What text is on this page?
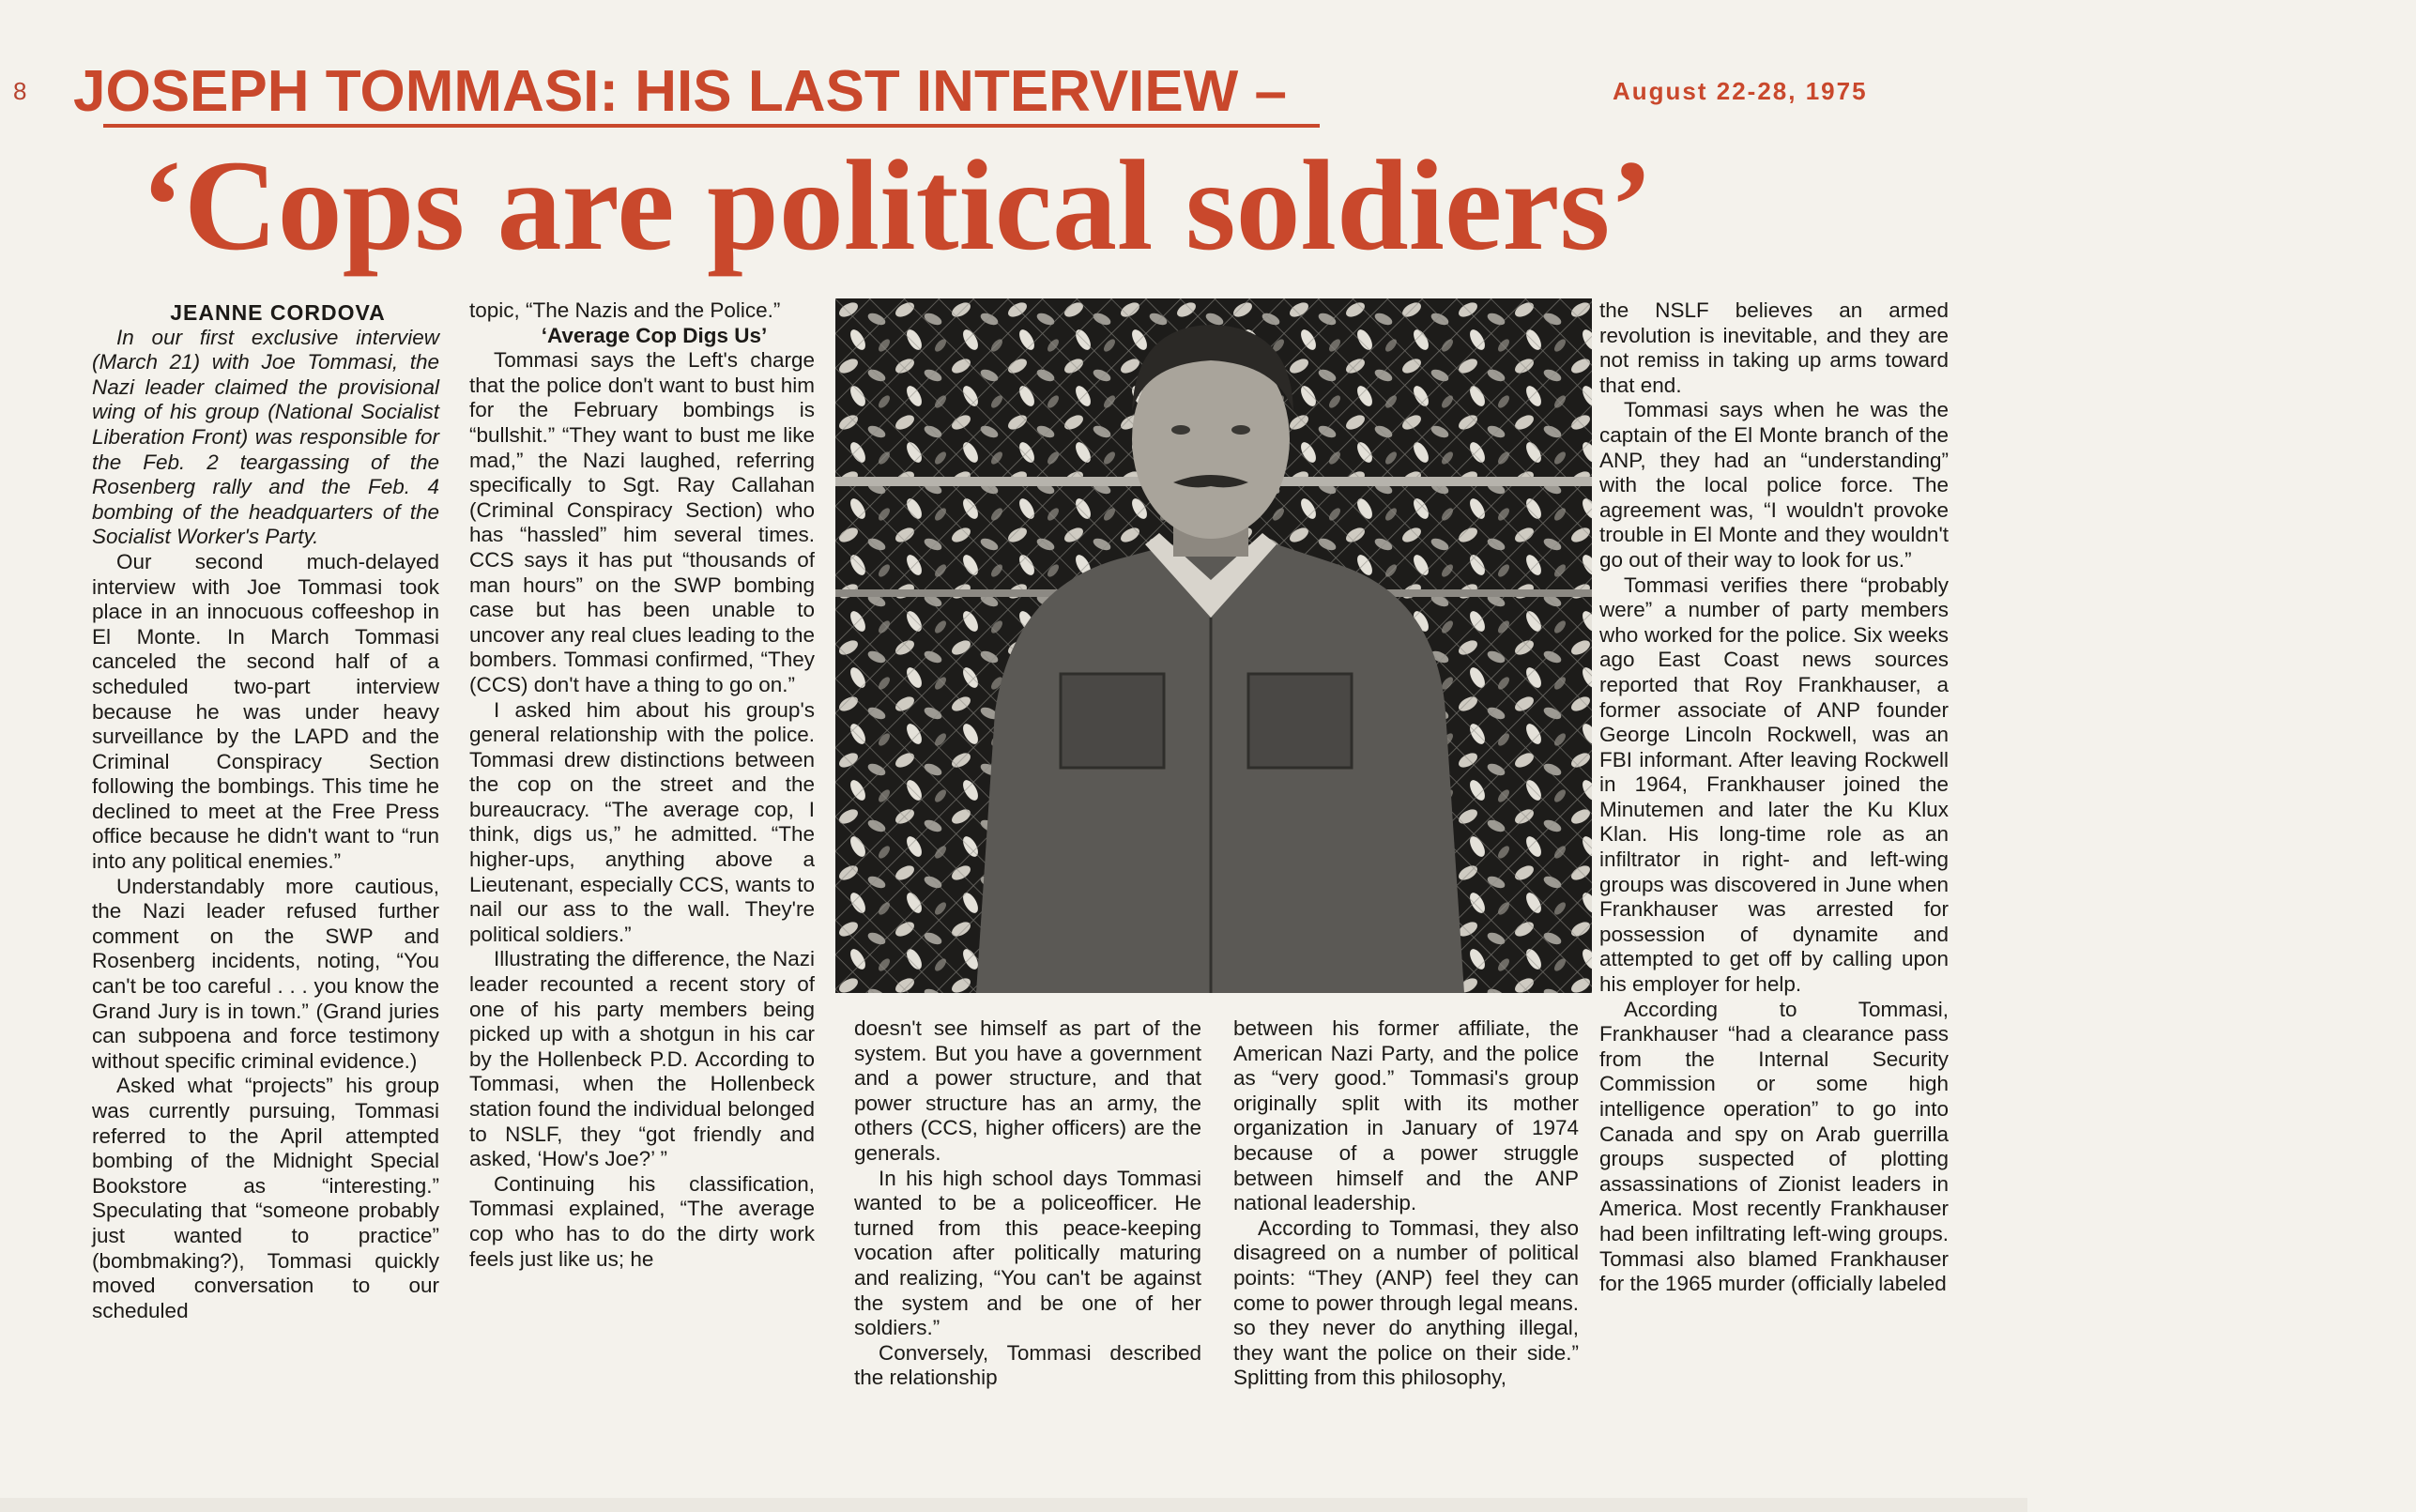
8 JOSEPH TOMMASI: HIS LAST INTERVIEW –	August 22-28, 1975
‘Cops are political soldiers’

JEANNE CORDOVA

In our first exclusive interview (March 21) with Joe Tommasi, the Nazi leader claimed the provisional wing of his group (National Socialist Liberation Front) was responsible for the Feb. 2 teargassing of the Rosenberg rally and the Feb. 4 bombing of the headquarters of the Socialist Worker's Party.

Our second much-delayed interview with Joe Tommasi took place in an innocuous coffeeshop in El Monte. In March Tommasi canceled the second half of a scheduled two-part interview because he was under heavy surveillance by the LAPD and the Criminal Conspiracy Section following the bombings. This time he declined to meet at the Free Press office because he didn't want to “run into any political enemies.”

Understandably more cautious, the Nazi leader refused further comment on the SWP and Rosenberg incidents, noting, “You can't be too careful . . . you know the Grand Jury is in town.” (Grand juries can subpoena and force testimony without specific criminal evidence.)

Asked what “projects” his group was currently pursuing, Tommasi referred to the April attempted bombing of the Midnight Special Bookstore as “interesting.” Speculating that “someone probably just wanted to practice” (bombmaking?), Tommasi quickly moved conversation to our scheduled

topic, “The Nazis and the Police.”

‘Average Cop Digs Us’

Tommasi says the Left's charge that the police don't want to bust him for the February bombings is “bullshit.” “They want to bust me like mad,” the Nazi laughed, referring specifically to Sgt. Ray Callahan (Criminal Conspiracy Section) who has “hassled” him several times. CCS says it has put “thousands of man hours” on the SWP bombing case but has been unable to uncover any real clues leading to the bombers. Tommasi confirmed, “They (CCS) don't have a thing to go on.”

I asked him about his group's general relationship with the police. Tommasi drew distinctions between the cop on the street and the bureaucracy. “The average cop, I think, digs us,” he admitted. “The higher-ups, anything above a Lieutenant, especially CCS, wants to nail our ass to the wall. They're political soldiers.”

Illustrating the difference, the Nazi leader recounted a recent story of one of his party members being picked up with a shotgun in his car by the Hollenbeck P.D. According to Tommasi, when the Hollenbeck station found the individual belonged to NSLF, they “got friendly and asked, ‘How's Joe?’ ”

Continuing his classification, Tommasi explained, “The average cop who has to do the dirty work feels just like us; he	Mark Sullivan

doesn't see himself as part of the system. But you have a government and a power structure, and that power structure has an army, the others (CCS, higher officers) are the generals.

In his high school days Tommasi wanted to be a policeofficer. He turned from this peace-keeping vocation after politically maturing and realizing, “You can't be against the system and be one of her soldiers.”

Conversely, Tommasi described the relationship

between his former affiliate, the American Nazi Party, and the police as “very good.” Tommasi's group originally split with its mother organization in January of 1974 because of a power struggle between himself and the ANP national leadership.

According to Tommasi, they also disagreed on a number of political points: “They (ANP) feel they can come to power through legal means. so they never do anything illegal, they want the police on their side.” Splitting from this philosophy,

the NSLF believes an armed revolution is inevitable, and they are not remiss in taking up arms toward that end.

Tommasi says when he was the captain of the El Monte branch of the ANP, they had an “understanding” with the local police force. The agreement was, “I wouldn't provoke trouble in El Monte and they wouldn't go out of their way to look for us.”

Tommasi verifies there “probably were” a number of party members who worked for the police. Six weeks ago East Coast news sources reported that Roy Frankhauser, a former associate of ANP founder George Lincoln Rockwell, was an FBI informant. After leaving Rockwell in 1964, Frankhauser joined the Minutemen and later the Ku Klux Klan. His long-time role as an infiltrator in right- and left-wing groups was discovered in June when Frankhauser was arrested for possession of dynamite and attempted to get off by calling upon his employer for help.

According to Tommasi, Frankhauser “had a clearance pass from the Internal Security Commission or some high intelligence operation” to go into Canada and spy on Arab guerrilla groups suspected of plotting assassinations of Zionist leaders in America. Most recently Frankhauser had been infiltrating left-wing groups. Tommasi also blamed Frankhauser for the 1965 murder (officially labeled
